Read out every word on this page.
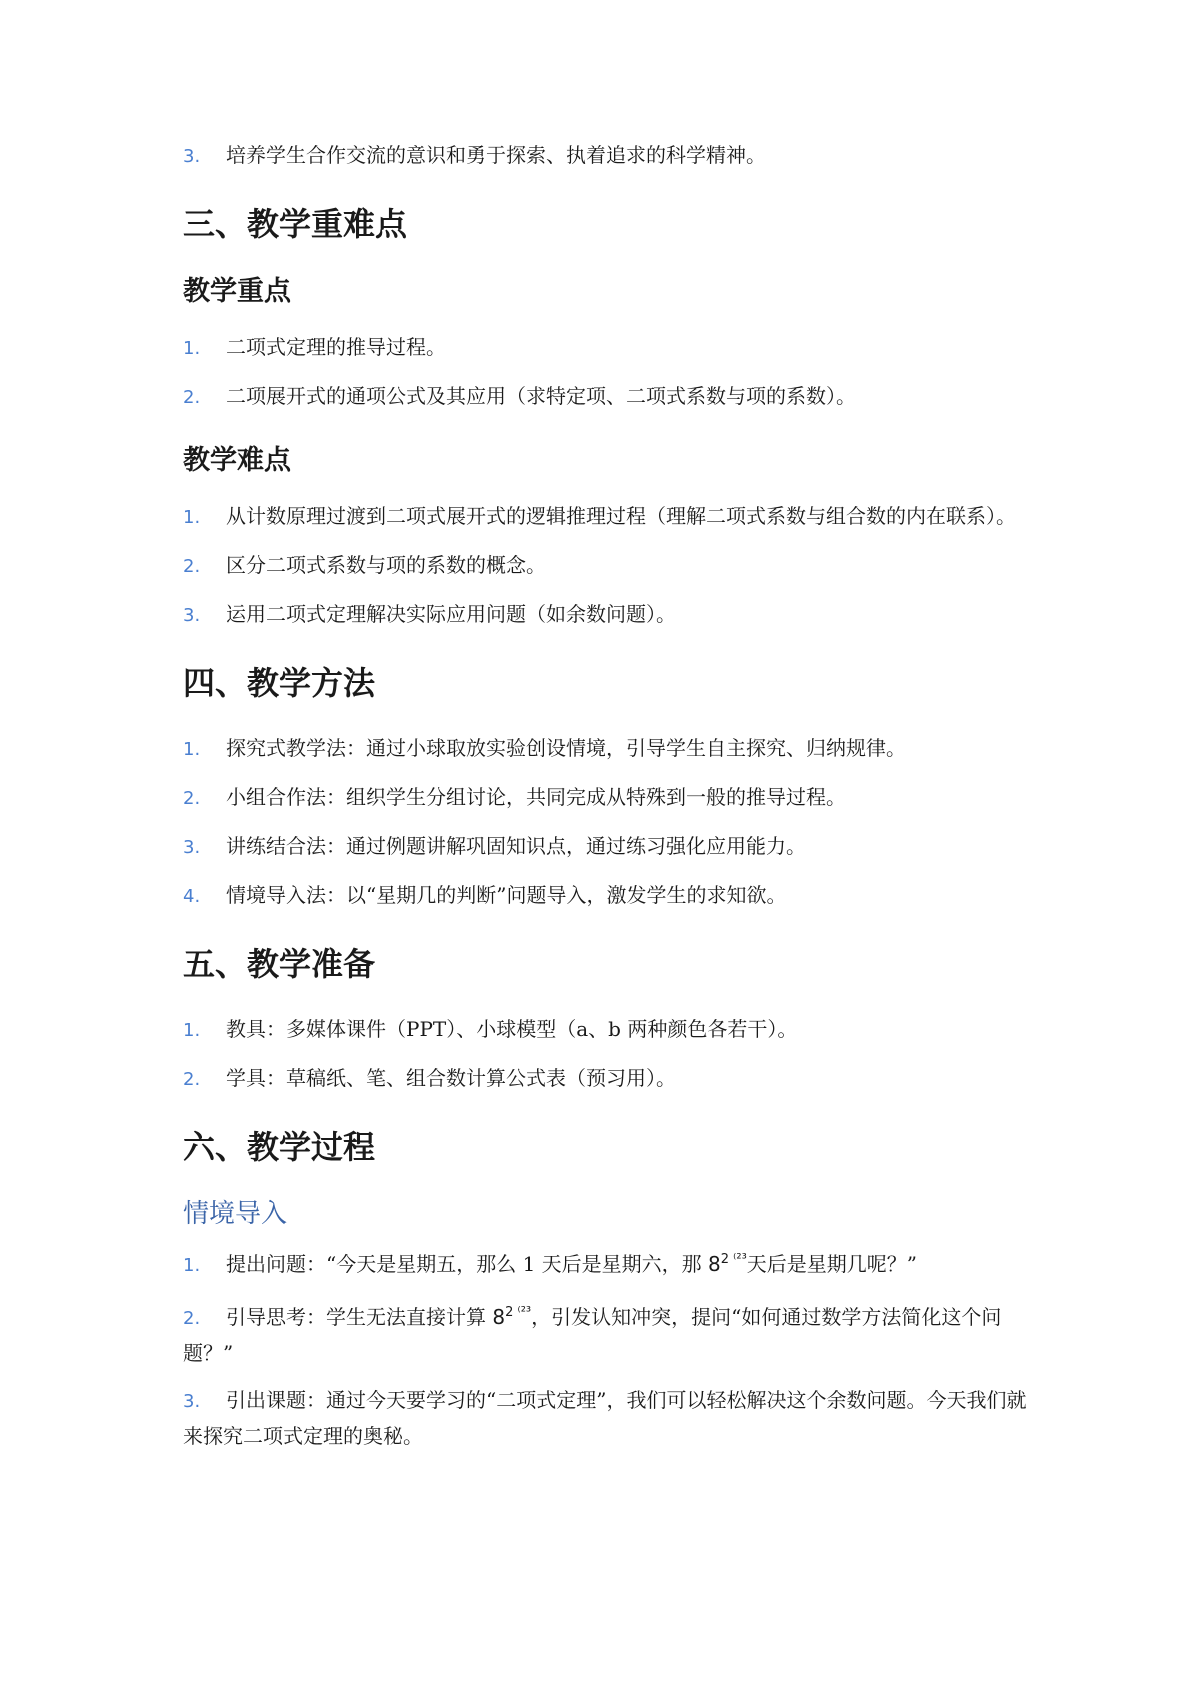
3. 培养学生合作交流的意识和勇于探索、执着追求的科学精神。
三、教学重难点
教学重点
1. 二项式定理的推导过程。
2. 二项展开式的通项公式及其应用（求特定项、二项式系数与项的系数）。
教学难点
1. 从计数原理过渡到二项式展开式的逻辑推理过程（理解二项式系数与组合数的内在联系）。
2. 区分二项式系数与项的系数的概念。
3. 运用二项式定理解决实际应用问题（如余数问题）。
四、教学方法
1. 探究式教学法：通过小球取放实验创设情境，引导学生自主探究、归纳规律。
2. 小组合作法：组织学生分组讨论，共同完成从特殊到一般的推导过程。
3. 讲练结合法：通过例题讲解巩固知识点，通过练习强化应用能力。
4. 情境导入法：以“星期几的判断”问题导入，激发学生的求知欲。
五、教学准备
1. 教具：多媒体课件（PPT）、小球模型（a、b 两种颜色各若干）。
2. 学具：草稿纸、笔、组合数计算公式表（预习用）。
六、教学过程
情境导入
1. 提出问题：“今天是星期五，那么 1 天后是星期六，那 $8^{2 ^{(23}}$天后是星期几呢？”
2. 引导思考：学生无法直接计算 $8^{2 ^{(23}}$，引发认知冲突，提问“如何通过数学方法简化这个问题？”
3. 引出课题：通过今天要学习的“二项式定理”，我们可以轻松解决这个余数问题。今天我们就来探究二项式定理的奥秘。
